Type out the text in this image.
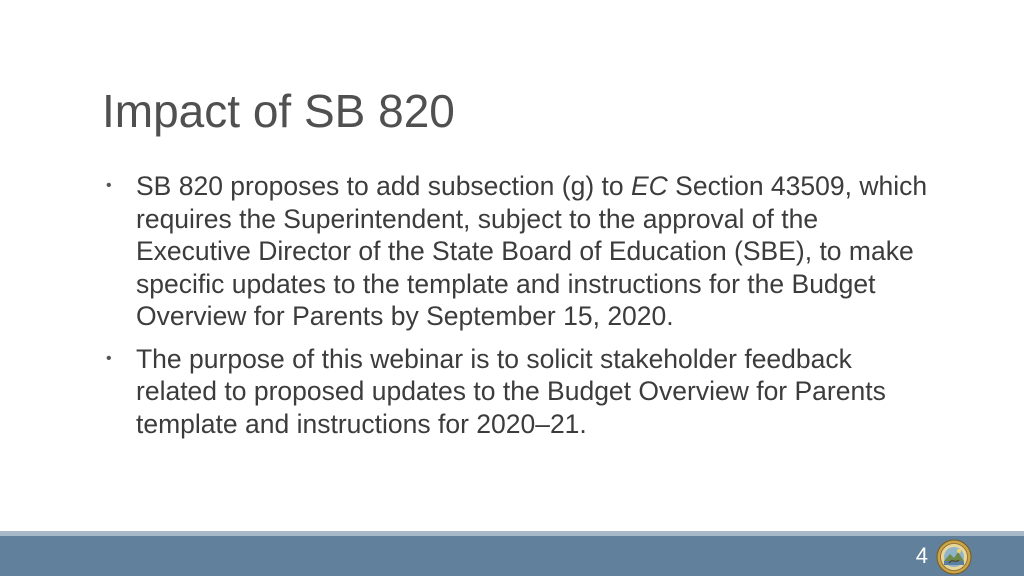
Impact of SB 820
• SB 820 proposes to add subsection (g) to EC Section 43509, which requires the Superintendent, subject to the approval of the Executive Director of the State Board of Education (SBE), to make specific updates to the template and instructions for the Budget Overview for Parents by September 15, 2020.
• The purpose of this webinar is to solicit stakeholder feedback related to proposed updates to the Budget Overview for Parents template and instructions for 2020–21.
4
